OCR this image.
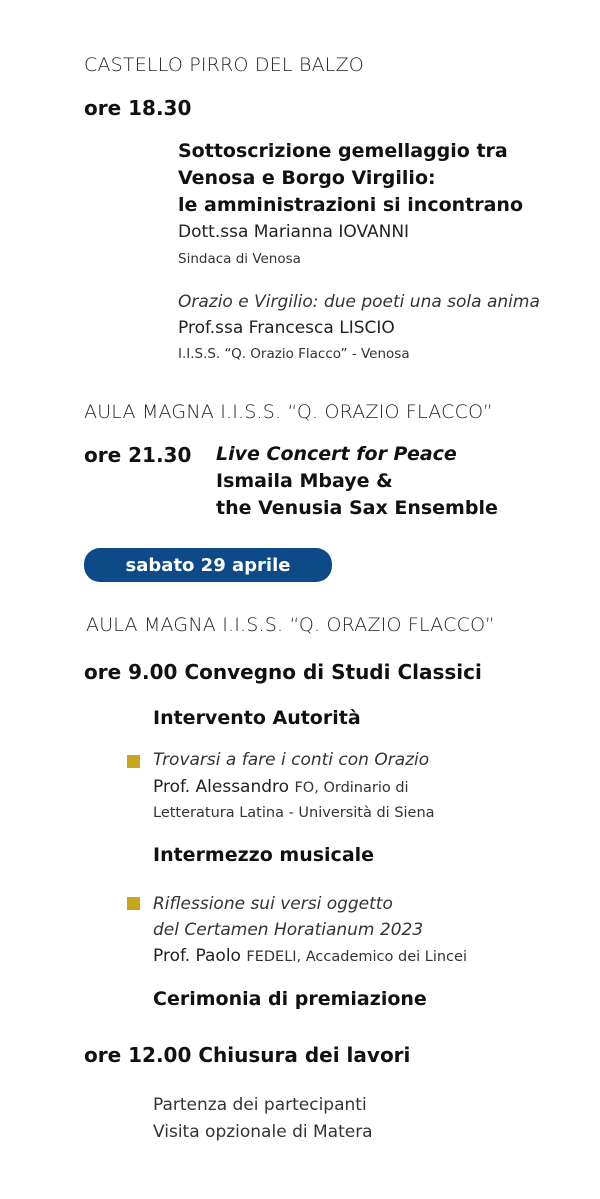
CASTELLO PIRRO DEL BALZO
ore 18.30
Sottoscrizione gemellaggio tra
Venosa e Borgo Virgilio:
le amministrazioni si incontrano
Dott.ssa Marianna IOVANNI
Sindaca di Venosa
Orazio e Virgilio: due poeti una sola anima
Prof.ssa Francesca LISCIO
I.I.S.S. “Q. Orazio Flacco” - Venosa
AULA MAGNA I.I.S.S. “Q. ORAZIO FLACCO”
ore 21.30 Live Concert for Peace
Ismaila Mbaye &
the Venusia Sax Ensemble
sabato 29 aprile
AULA MAGNA I.I.S.S. “Q. ORAZIO FLACCO”
ore 9.00 Convegno di Studi Classici
Intervento Autorità
Trovarsi a fare i conti con Orazio
Prof. Alessandro FO, Ordinario di
Letteratura Latina - Università di Siena
Intermezzo musicale
Riflessione sui versi oggetto
del Certamen Horatianum 2023
Prof. Paolo FEDELI, Accademico dei Lincei
Cerimonia di premiazione
ore 12.00 Chiusura dei lavori
Partenza dei partecipanti
Visita opzionale di Matera
